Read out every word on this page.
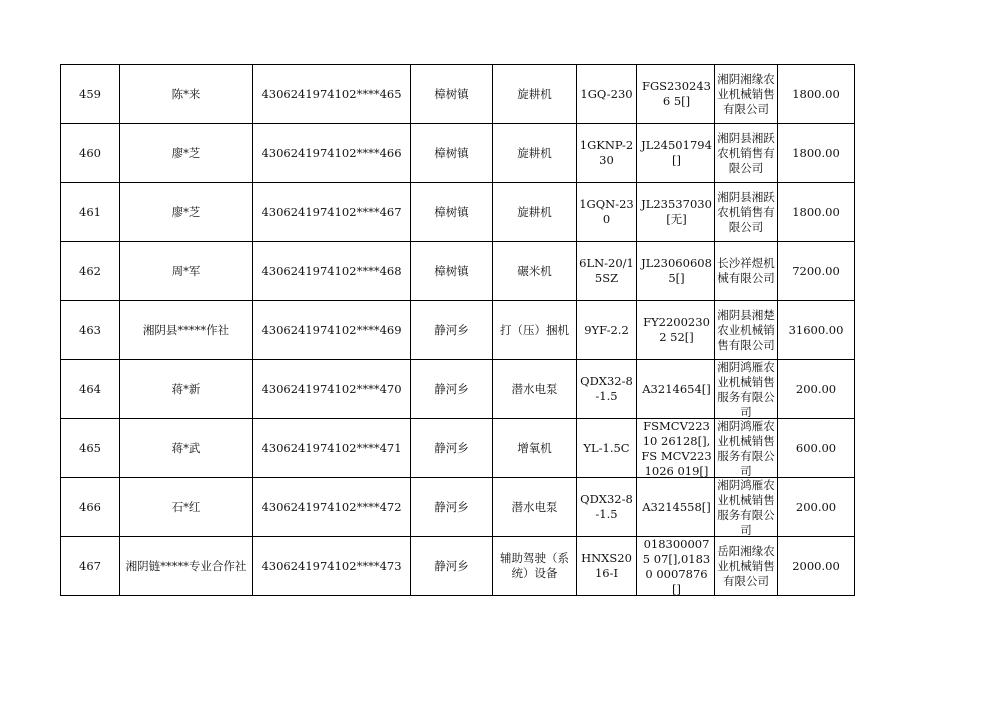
459	陈*来	4306241974102****465	樟树镇	旋耕机	1GQ-230	FGS2302436 5[]	湘阴湘缘农业机械销售有限公司	1800.00

460	廖*芝	4306241974102****466	樟树镇	旋耕机	1GKNP-230	JL24501794 []	湘阴县湘跃农机销售有限公司	1800.00

461	廖*芝	4306241974102****467	樟树镇	旋耕机	1GQN-230	JL23537030 [无]	湘阴县湘跃农机销售有限公司	1800.00

462	周*军	4306241974102****468	樟树镇	碾米机	6LN-20/15SZ	JL23060608 5[]	长沙祥煜机械有限公司	7200.00

463	湘阴县*****作社	4306241974102****469	静河乡	打（压）捆机	9YF-2.2	FY22002302 52[]	湘阴县湘楚农业机械销售有限公司	31600.00

464	蒋*新	4306241974102****470	静河乡	潜水电泵	QDX32-8-1.5	A3214654[]	湘阴鸿雁农业机械销售服务有限公司	200.00

465	蒋*武	4306241974102****471	静河乡	增氧机	YL-1.5C	FSMCV22310 26128[],FS MCV2231026 019[]	湘阴鸿雁农业机械销售服务有限公司	600.00

466	石*红	4306241974102****472	静河乡	潜水电泵	QDX32-8-1.5	A3214558[]	湘阴鸿雁农业机械销售服务有限公司	200.00

467	湘阴链*****专业合作社	4306241974102****473	静河乡	辅助驾驶（系统）设备	HNXS2016-I	0183000075 07[],01830 0007876[]	岳阳湘缘农业机械销售有限公司	2000.00
